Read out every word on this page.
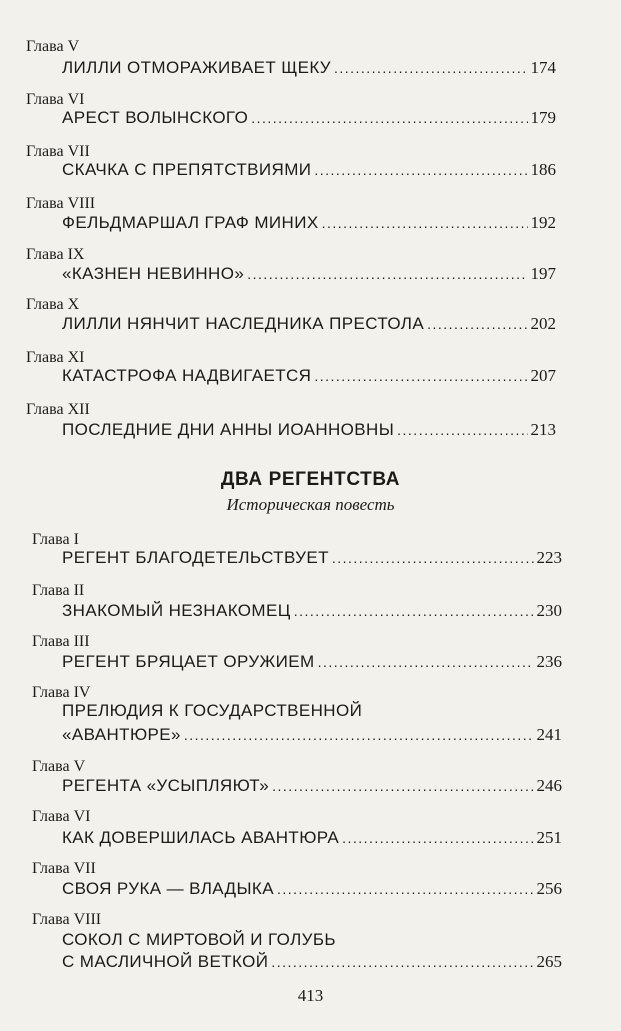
Глава V
ЛИЛЛИ ОТМОРАЖИВАЕТ ЩЕКУ . . .	174
Глава VI
АРЕСТ ВОЛЫНСКОГО . . .	179
Глава VII
СКАЧКА С ПРЕПЯТСТВИЯМИ . . .	186
Глава VIII
ФЕЛЬДМАРШАЛ ГРАФ МИНИХ . . .	192
Глава IX
«КАЗНЕН НЕВИННО» . . .	197
Глава X
ЛИЛЛИ НЯНЧИТ НАСЛЕДНИКА ПРЕСТОЛА . . .	202
Глава XI
КАТАСТРОФА НАДВИГАЕТСЯ . . .	207
Глава XII
ПОСЛЕДНИЕ ДНИ АННЫ ИОАННОВНЫ . . .	213
Глава I
РЕГЕНТ БЛАГОДЕТЕЛЬСТВУЕТ . . .	223
Глава II
ЗНАКОМЫЙ НЕЗНАКОМЕЦ . . .	230
Глава III
РЕГЕНТ БРЯЦАЕТ ОРУЖИЕМ . . .	236
Глава IV
ПРЕЛЮДИЯ К ГОСУДАРСТВЕННОЙ
«АВАНТЮРЕ» . . .	241
Глава V
РЕГЕНТА «УСЫПЛЯЮТ» . . .	246
Глава VI
КАК ДОВЕРШИЛАСЬ АВАНТЮРА . . .	251
Глава VII
СВОЯ РУКА — ВЛАДЫКА . . .	256
Глава VIII
СОКОЛ С МИРТОВОЙ И ГОЛУБЬ
С МАСЛИЧНОЙ ВЕТКОЙ . . .	265
ДВА РЕГЕНТСТВА
Историческая повесть
413
